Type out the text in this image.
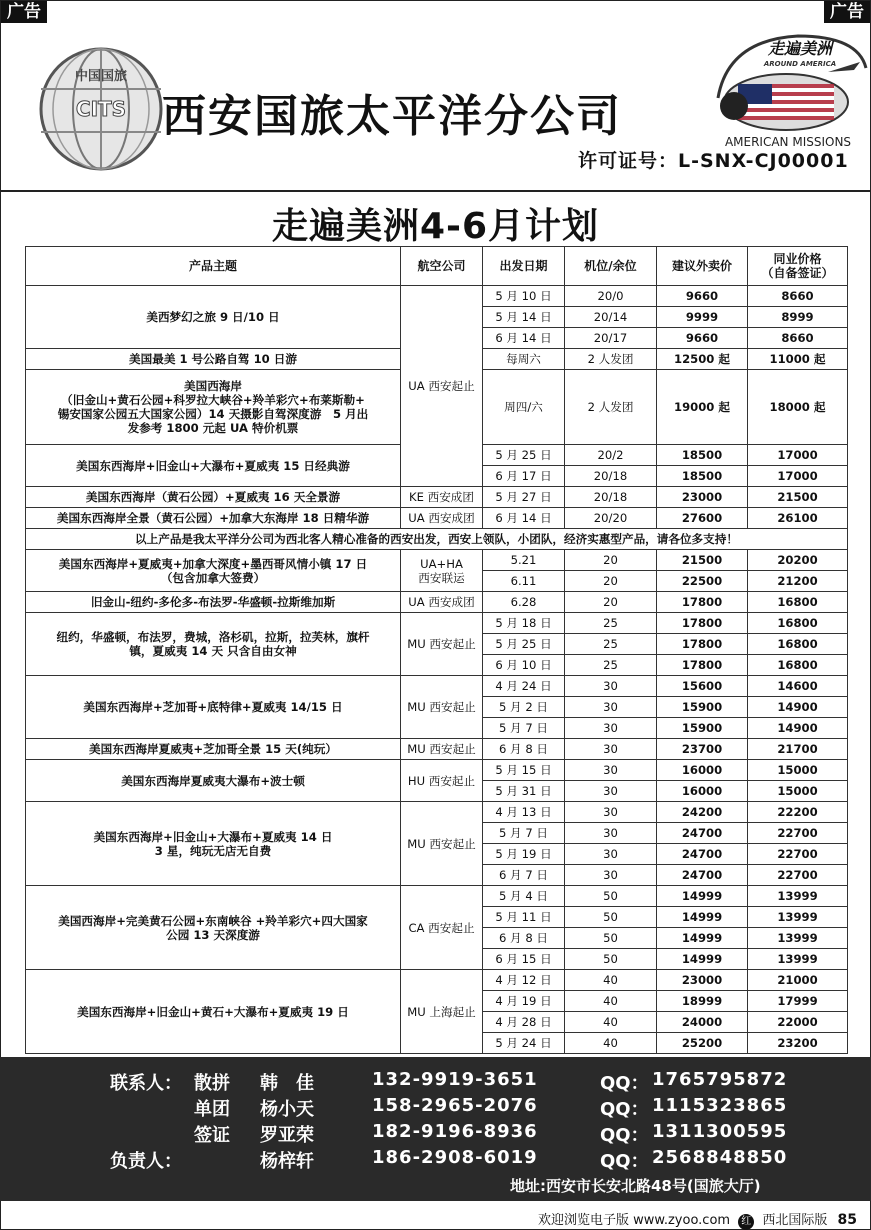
广告	广告
中国国旅
CITS 西安国旅太平洋分公司
走遍美洲
AROUND AMERICA
AMERICAN MISSIONS
许可证号：L-SNX-CJ00001
走遍美洲4-6月计划
产品主题	航空公司	出发日期	机位/余位	建议外卖价	同业价格
（自备签证）
美西梦幻之旅 9 日/10 日	UA 西安起止	5 月 10 日	20/0	9660	8660
		5 月 14 日	20/14	9999	8999
		6 月 14 日	20/17	9660	8660
美国最美 1 号公路自驾 10 日游		每周六	2 人发团	12500 起	11000 起
美国西海岸
（旧金山+黄石公园+科罗拉大峡谷+羚羊彩穴+布莱斯勒+
锡安国家公园五大国家公园）14 天摄影自驾深度游　5 月出
发参考 1800 元起 UA 特价机票		周四/六	2 人发团	19000 起	18000 起
美国东西海岸+旧金山+大瀑布+夏威夷 15 日经典游		5 月 25 日	20/2	18500	17000
		6 月 17 日	20/18	18500	17000
美国东西海岸（黄石公园）+夏威夷 16 天全景游	KE 西安成团	5 月 27 日	20/18	23000	21500
美国东西海岸全景（黄石公园）+加拿大东海岸 18 日精华游	UA 西安成团	6 月 14 日	20/20	27600	26100
以上产品是我太平洋分公司为西北客人精心准备的西安出发，西安上领队，小团队，经济实惠型产品，请各位多支持！					
美国东西海岸+夏威夷+加拿大深度+墨西哥风情小镇 17 日
（包含加拿大签费）	UA+HA
西安联运	5.21	20	21500	20200
		6.11	20	22500	21200
旧金山-纽约-多伦多-布法罗-华盛顿-拉斯维加斯	UA 西安成团	6.28	20	17800	16800
纽约，华盛顿，布法罗，费城，洛杉矶，拉斯，拉芙林，旗杆
镇，夏威夷 14 天 只含自由女神	MU 西安起止	5 月 18 日	25	17800	16800
		5 月 25 日	25	17800	16800
		6 月 10 日	25	17800	16800
美国东西海岸+芝加哥+底特律+夏威夷 14/15 日	MU 西安起止	4 月 24 日	30	15600	14600
		5 月 2 日	30	15900	14900
		5 月 7 日	30	15900	14900
美国东西海岸夏威夷+芝加哥全景 15 天(纯玩）	MU 西安起止	6 月 8 日	30	23700	21700
美国东西海岸夏威夷大瀑布+波士顿	HU 西安起止	5 月 15 日	30	16000	15000
		5 月 31 日	30	16000	15000
美国东西海岸+旧金山+大瀑布+夏威夷 14 日
3 星，纯玩无店无自费	MU 西安起止	4 月 13 日	30	24200	22200
		5 月 7 日	30	24700	22700
		5 月 19 日	30	24700	22700
		6 月 7 日	30	24700	22700
美国西海岸+完美黄石公园+东南峡谷 +羚羊彩穴+四大国家
公园 13 天深度游	CA 西安起止	5 月 4 日	50	14999	13999
		5 月 11 日	50	14999	13999
		6 月 8 日	50	14999	13999
		6 月 15 日	50	14999	13999
美国东西海岸+旧金山+黄石+大瀑布+夏威夷 19 日	MU 上海起止	4 月 12 日	40	23000	21000
		4 月 19 日	40	18999	17999
		4 月 28 日	40	24000	22000
		5 月 24 日	40	25200	23200
联系人：
负责人：
散拼 韩　佳	132-9919-3651	QQ： 1765795872
单团 杨小天	158-2965-2076	QQ： 1115323865
签证 罗亚荣	182-9196-8936	QQ： 1311300595
杨梓轩	186-2908-6019	QQ： 2568848850
地址:西安市长安北路48号(国旅大厅)
欢迎浏览电子版 www.zyoo.com 红 西北国际版 85
